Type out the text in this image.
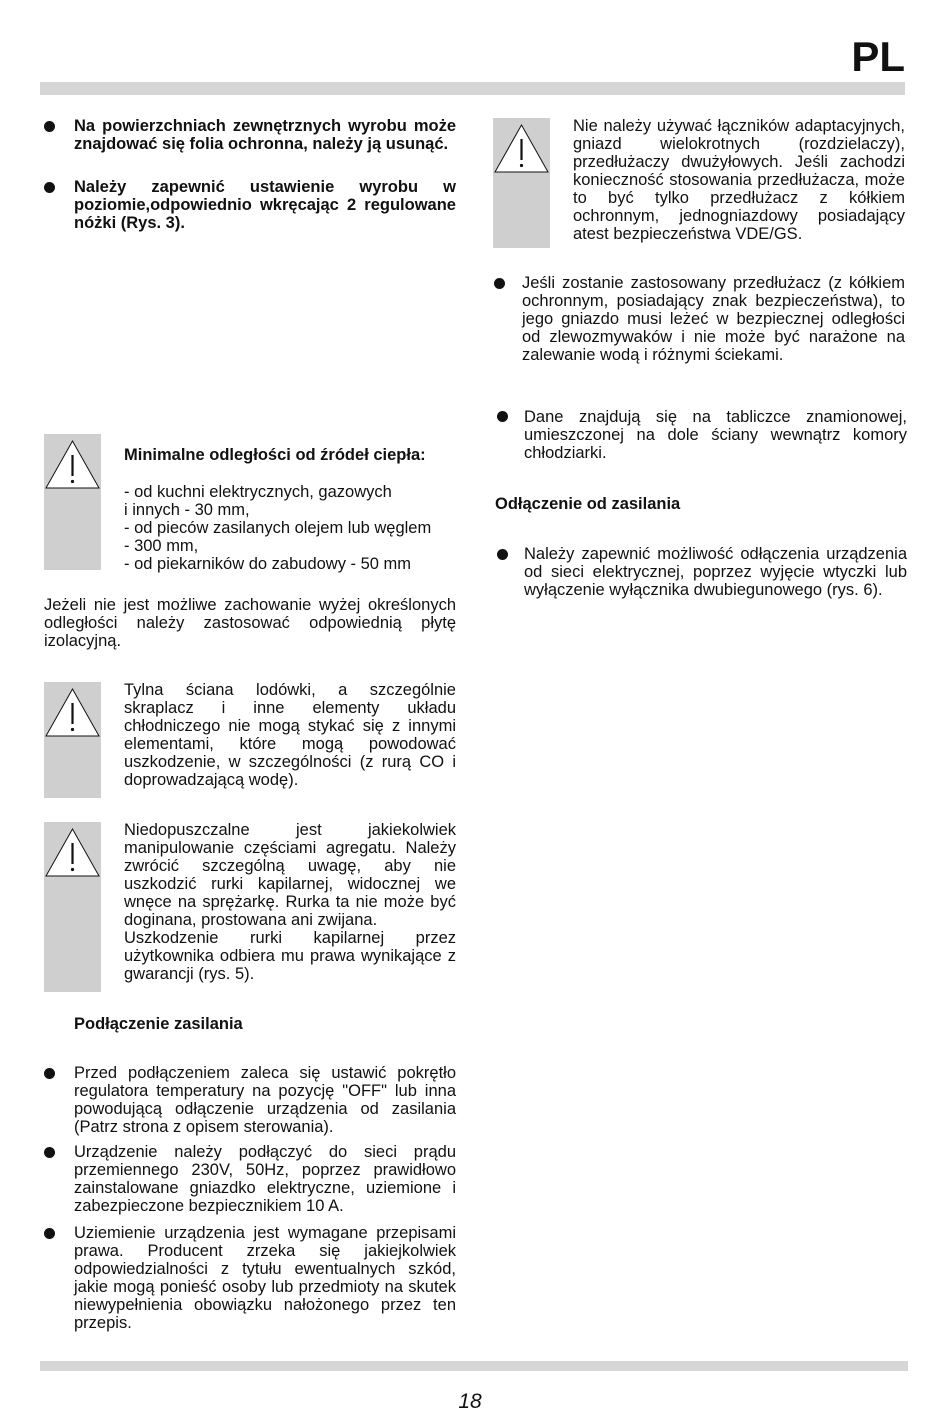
PL
Na powierzchniach zewnętrznych wyrobu może znajdować się folia ochronna, należy ją usunąć.
Należy zapewnić ustawienie wyrobu w poziomie,odpowiednio wkręcając 2 regulowane nóżki (Rys. 3).
Minimalne odległości od źródeł ciepła:
- od kuchni elektrycznych, gazowych
i innych - 30 mm,
- od pieców zasilanych olejem lub węglem
- 300 mm,
- od piekarników do zabudowy - 50 mm
Jeżeli nie jest możliwe zachowanie wyżej określonych odległości należy zastosować odpowiednią płytę izolacyjną.
Tylna ściana lodówki, a szczególnie skraplacz i inne elementy układu chłodniczego nie mogą stykać się z innymi elementami, które mogą powodować uszkodzenie, w szczególności (z rurą CO i doprowadzającą wodę).
Niedopuszczalne jest jakiekolwiek manipulowanie częściami agregatu. Należy zwrócić szczególną uwagę, aby nie uszkodzić rurki kapilarnej, widocznej we wnęce na sprężarkę. Rurka ta nie może być doginana, prostowana ani zwijana.
Uszkodzenie rurki kapilarnej przez użytkownika odbiera mu prawa wynikające z gwarancji (rys. 5).
Podłączenie zasilania
Przed podłączeniem zaleca się ustawić pokrętło regulatora temperatury na pozycję "OFF" lub inna powodującą odłączenie urządzenia od zasilania (Patrz strona z opisem sterowania).
Urządzenie należy podłączyć do sieci prądu przemiennego 230V, 50Hz, poprzez prawidłowo zainstalowane gniazdko elektryczne, uziemione i zabezpieczone bezpiecznikiem 10 A.
Uziemienie urządzenia jest wymagane przepisami prawa. Producent zrzeka się jakiejkolwiek odpowiedzialności z tytułu ewentualnych szkód, jakie mogą ponieść osoby lub przedmioty na skutek niewypełnienia obowiązku nałożonego przez ten przepis.
Nie należy używać łączników adaptacyjnych, gniazd wielokrotnych (rozdzielaczy), przedłużaczy dwużyłowych. Jeśli zachodzi konieczność stosowania przedłużacza, może to być tylko przedłużacz z kółkiem ochronnym, jednogniazdowy posiadający atest bezpieczeństwa VDE/GS.
Jeśli zostanie zastosowany przedłużacz (z kółkiem ochronnym, posiadający znak bezpieczeństwa), to jego gniazdo musi leżeć w bezpiecznej odległości od zlewozmywaków i nie może być narażone na zalewanie wodą i różnymi ściekami.
Dane znajdują się na tabliczce znamionowej, umieszczonej na dole ściany wewnątrz komory chłodziarki.
Odłączenie od zasilania
Należy zapewnić możliwość odłączenia urządzenia od sieci elektrycznej, poprzez wyjęcie wtyczki lub wyłączenie wyłącznika dwubiegunowego (rys. 6).
18
